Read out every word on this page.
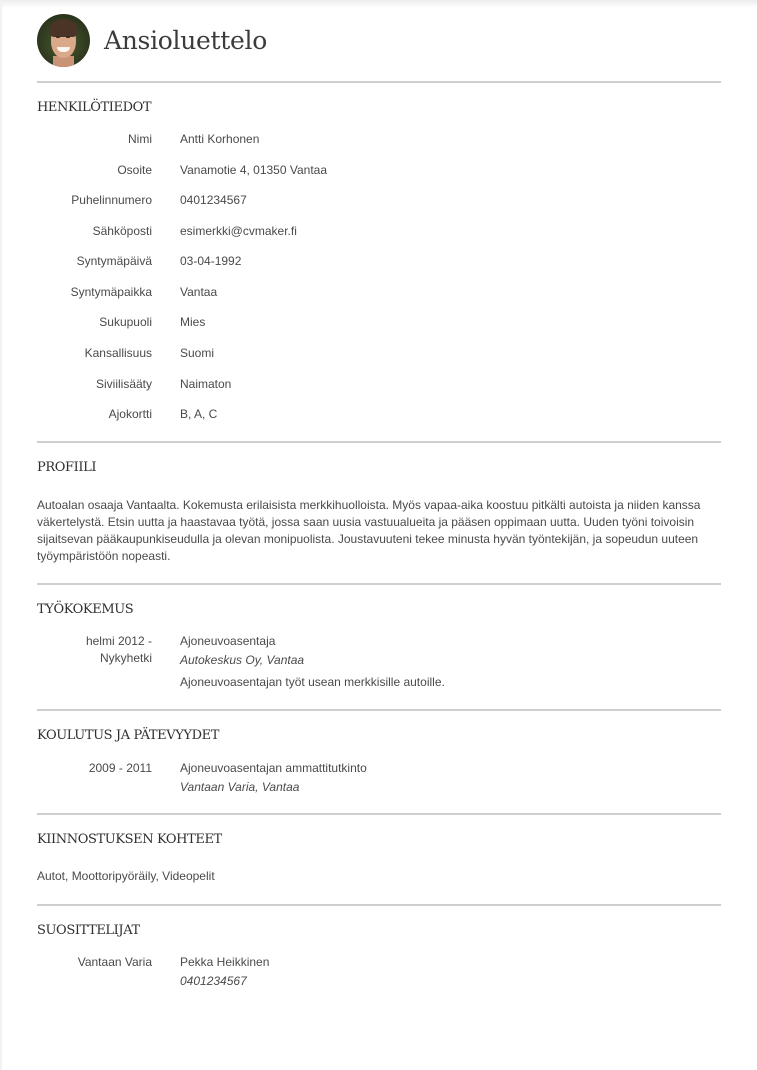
Ansioluettelo
HENKILÖTIEDOT
Nimi Antti Korhonen
Osoite Vanamotie 4, 01350 Vantaa
Puhelinnumero 0401234567
Sähköposti esimerkki@cvmaker.fi
Syntymäpäivä 03-04-1992
Syntymäpaikka Vantaa
Sukupuoli Mies
Kansallisuus Suomi
Siviilisääty Naimaton
Ajokortti B, A, C
PROFIILI
Autoalan osaaja Vantaalta. Kokemusta erilaisista merkkihuolloista. Myös vapaa-aika koostuu pitkälti autoista ja niiden kanssa
väkertelystä. Etsin uutta ja haastavaa työtä, jossa saan uusia vastuualueita ja pääsen oppimaan uutta. Uuden työni toivoisin
sijaitsevan pääkaupunkiseudulla ja olevan monipuolista. Joustavuuteni tekee minusta hyvän työntekijän, ja sopeudun uuteen
työympäristöön nopeasti.
TYÖKOKEMUS
helmi 2012 -
Nykyhetki
Ajoneuvoasentaja
Autokeskus Oy, Vantaa
Ajoneuvoasentajan työt usean merkkisille autoille.
KOULUTUS JA PÄTEVYYDET
2009 - 2011 Ajoneuvoasentajan ammattitutkinto
Vantaan Varia, Vantaa
KIINNOSTUKSEN KOHTEET
Autot, Moottoripyöräily, Videopelit
SUOSITTELIJAT
Vantaan Varia Pekka Heikkinen
0401234567
